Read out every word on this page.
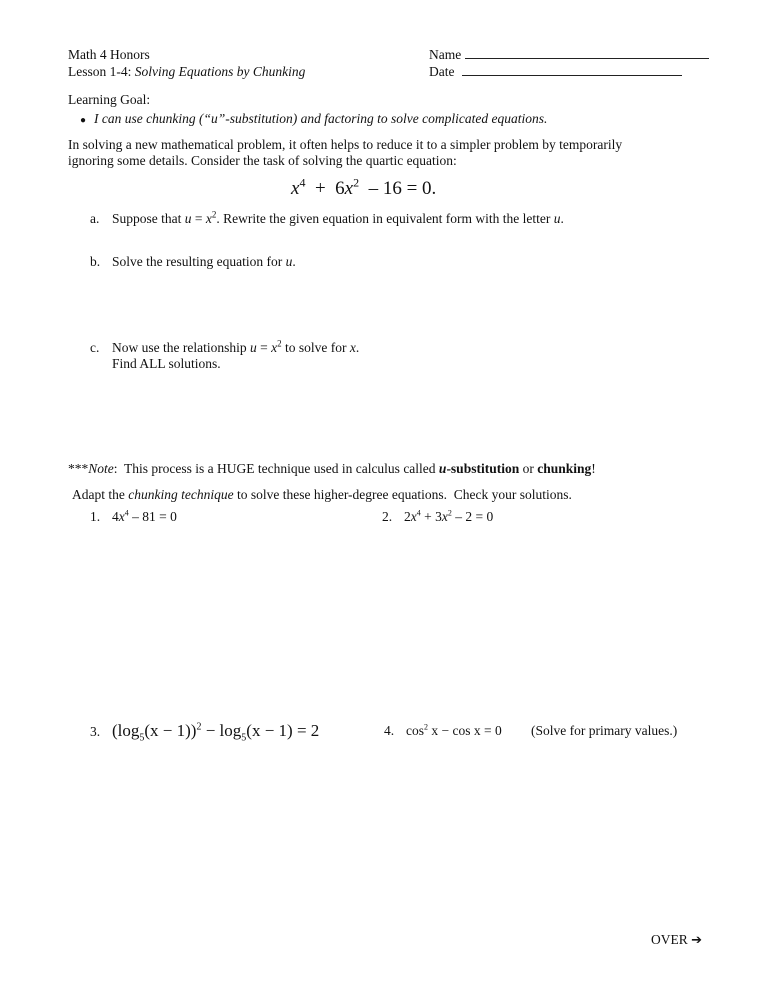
Math 4 Honors
Lesson 1-4: Solving Equations by Chunking
Name
Date
Learning Goal:
● I can use chunking (“u”-substitution) and factoring to solve complicated equations.
In solving a new mathematical problem, it often helps to reduce it to a simpler problem by temporarily
ignoring some details. Consider the task of solving the quartic equation:
$x^4 + 6x^2 - 16 = 0$.
a. Suppose that $u = x^2$. Rewrite the given equation in equivalent form with the letter u.
b. Solve the resulting equation for u.
c. Now use the relationship $u = x^2$ to solve for x.
Find ALL solutions.
***Note:  This process is a HUGE technique used in calculus called u-substitution or chunking!
Adapt the chunking technique to solve these higher-degree equations.  Check your solutions.
1. $4x^4 - 81 = 0$	2. $2x^4 + 3x^2 - 2 = 0$
3. $(\log_5(x - 1))^2 - \log_5(x - 1) = 2$	4. $\cos^2 x - \cos x = 0$ (Solve for primary values.)
OVER ➔
